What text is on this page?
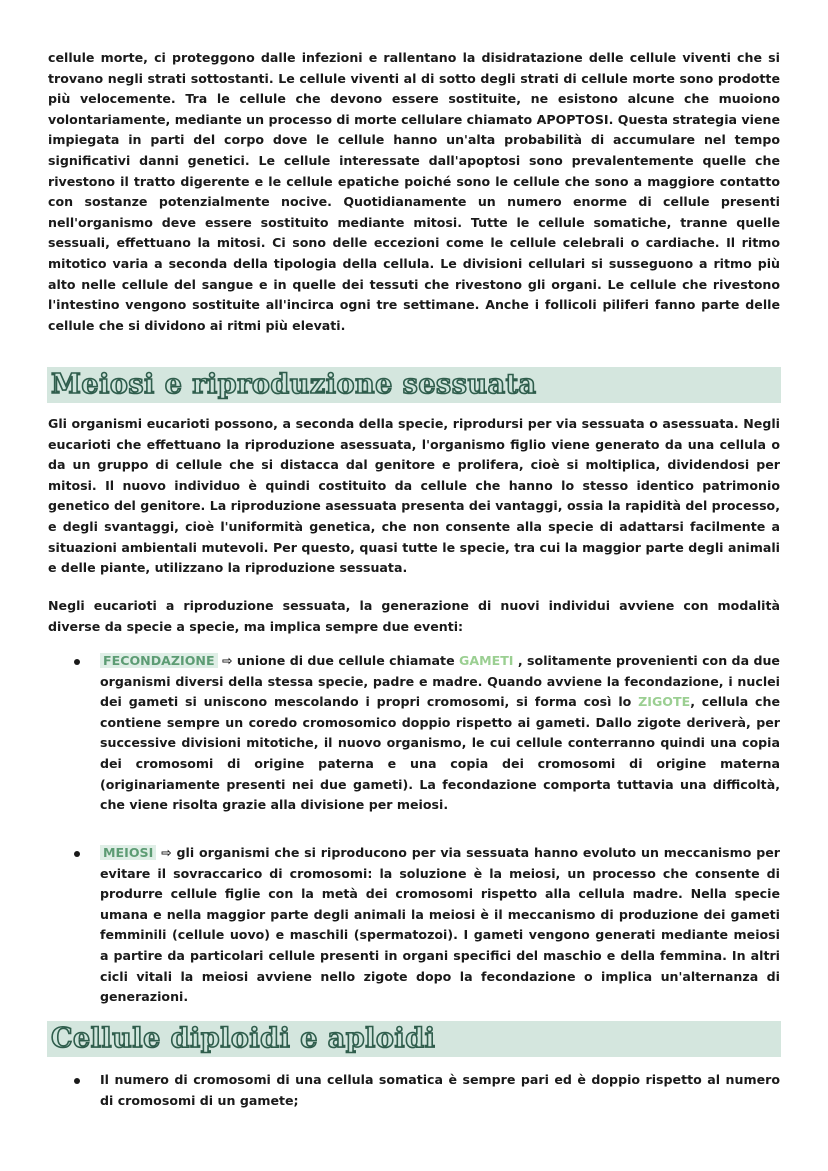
cellule morte, ci proteggono dalle infezioni e rallentano la disidratazione delle cellule viventi che si trovano negli strati sottostanti. Le cellule viventi al di sotto degli strati di cellule morte sono prodotte più velocemente. Tra le cellule che devono essere sostituite, ne esistono alcune che muoiono volontariamente, mediante un processo di morte cellulare chiamato APOPTOSI. Questa strategia viene impiegata in parti del corpo dove le cellule hanno un'alta probabilità di accumulare nel tempo significativi danni genetici. Le cellule interessate dall'apoptosi sono prevalentemente quelle che rivestono il tratto digerente e le cellule epatiche poiché sono le cellule che sono a maggiore contatto con sostanze potenzialmente nocive. Quotidianamente un numero enorme di cellule presenti nell'organismo deve essere sostituito mediante mitosi. Tutte le cellule somatiche, tranne quelle sessuali, effettuano la mitosi. Ci sono delle eccezioni come le cellule celebrali o cardiache. Il ritmo mitotico varia a seconda della tipologia della cellula. Le divisioni cellulari si susseguono a ritmo più alto nelle cellule del sangue e in quelle dei tessuti che rivestono gli organi. Le cellule che rivestono l'intestino vengono sostituite all'incirca ogni tre settimane. Anche i follicoli piliferi fanno parte delle cellule che si dividono ai ritmi più elevati.

Meiosi e riproduzione sessuata

Gli organismi eucarioti possono, a seconda della specie, riprodursi per via sessuata o asessuata. Negli eucarioti che effettuano la riproduzione asessuata, l'organismo figlio viene generato da una cellula o da un gruppo di cellule che si distacca dal genitore e prolifera, cioè si moltiplica, dividendosi per mitosi. Il nuovo individuo è quindi costituito da cellule che hanno lo stesso identico patrimonio genetico del genitore. La riproduzione asessuata presenta dei vantaggi, ossia la rapidità del processo, e degli svantaggi, cioè l'uniformità genetica, che non consente alla specie di adattarsi facilmente a situazioni ambientali mutevoli. Per questo, quasi tutte le specie, tra cui la maggior parte degli animali e delle piante, utilizzano la riproduzione sessuata.

Negli eucarioti a riproduzione sessuata, la generazione di nuovi individui avviene con modalità diverse da specie a specie, ma implica sempre due eventi:

FECONDAZIONE ⇨ unione di due cellule chiamate GAMETI , solitamente provenienti con da due organismi diversi della stessa specie, padre e madre. Quando avviene la fecondazione, i nuclei dei gameti si uniscono mescolando i propri cromosomi, si forma così lo ZIGOTE, cellula che contiene sempre un coredo cromosomico doppio rispetto ai gameti. Dallo zigote deriverà, per successive divisioni mitotiche, il nuovo organismo, le cui cellule conterranno quindi una copia dei cromosomi di origine paterna e una copia dei cromosomi di origine materna (originariamente presenti nei due gameti). La fecondazione comporta tuttavia una difficoltà, che viene risolta grazie alla divisione per meiosi.

MEIOSI ⇨ gli organismi che si riproducono per via sessuata hanno evoluto un meccanismo per evitare il sovraccarico di cromosomi: la soluzione è la meiosi, un processo che consente di produrre cellule figlie con la metà dei cromosomi rispetto alla cellula madre. Nella specie umana e nella maggior parte degli animali la meiosi è il meccanismo di produzione dei gameti femminili (cellule uovo) e maschili (spermatozoi). I gameti vengono generati mediante meiosi a partire da particolari cellule presenti in organi specifici del maschio e della femmina. In altri cicli vitali la meiosi avviene nello zigote dopo la fecondazione o implica un'alternanza di generazioni.

Cellule diploidi e aploidi

Il numero di cromosomi di una cellula somatica è sempre pari ed è doppio rispetto al numero di cromosomi di un gamete;
